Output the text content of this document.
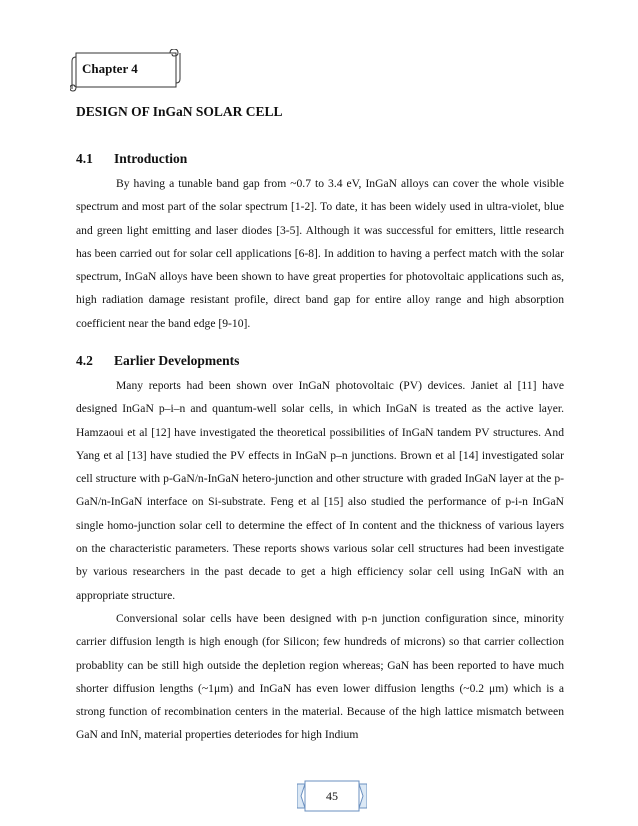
Chapter 4
DESIGN OF InGaN SOLAR CELL
4.1 Introduction

By having a tunable band gap from ~0.7 to 3.4 eV, InGaN alloys can cover the whole visible spectrum and most part of the solar spectrum [1-2]. To date, it has been widely used in ultra-violet, blue and green light emitting and laser diodes [3-5]. Although it was successful for emitters, little research has been carried out for solar cell applications [6-8]. In addition to having a perfect match with the solar spectrum, InGaN alloys have been shown to have great properties for photovoltaic applications such as, high radiation damage resistant profile, direct band gap for entire alloy range and high absorption coefficient near the band edge [9-10].

4.2 Earlier Developments

Many reports had been shown over InGaN photovoltaic (PV) devices. Janiet al [11] have designed InGaN p–i–n and quantum-well solar cells, in which InGaN is treated as the active layer. Hamzaoui et al [12] have investigated the theoretical possibilities of InGaN tandem PV structures. And Yang et al [13] have studied the PV effects in InGaN p–n junctions. Brown et al [14] investigated solar cell structure with p-GaN/n-InGaN hetero-junction and other structure with graded InGaN layer at the p-GaN/n-InGaN interface on Si-substrate. Feng et al [15] also studied the performance of p-i-n InGaN single homo-junction solar cell to determine the effect of In content and the thickness of various layers on the characteristic parameters. These reports shows various solar cell structures had been investigate by various researchers in the past decade to get a high efficiency solar cell using InGaN with an appropriate structure.

Conversional solar cells have been designed with p-n junction configuration since, minority carrier diffusion length is high enough (for Silicon; few hundreds of microns) so that carrier collection probablity can be still high outside the depletion region whereas; GaN has been reported to have much shorter diffusion lengths (~1μm) and InGaN has even lower diffusion lengths (~0.2 μm) which is a strong function of recombination centers in the material. Because of the high lattice mismatch between GaN and InN, material properties deteriodes for high Indium

45
